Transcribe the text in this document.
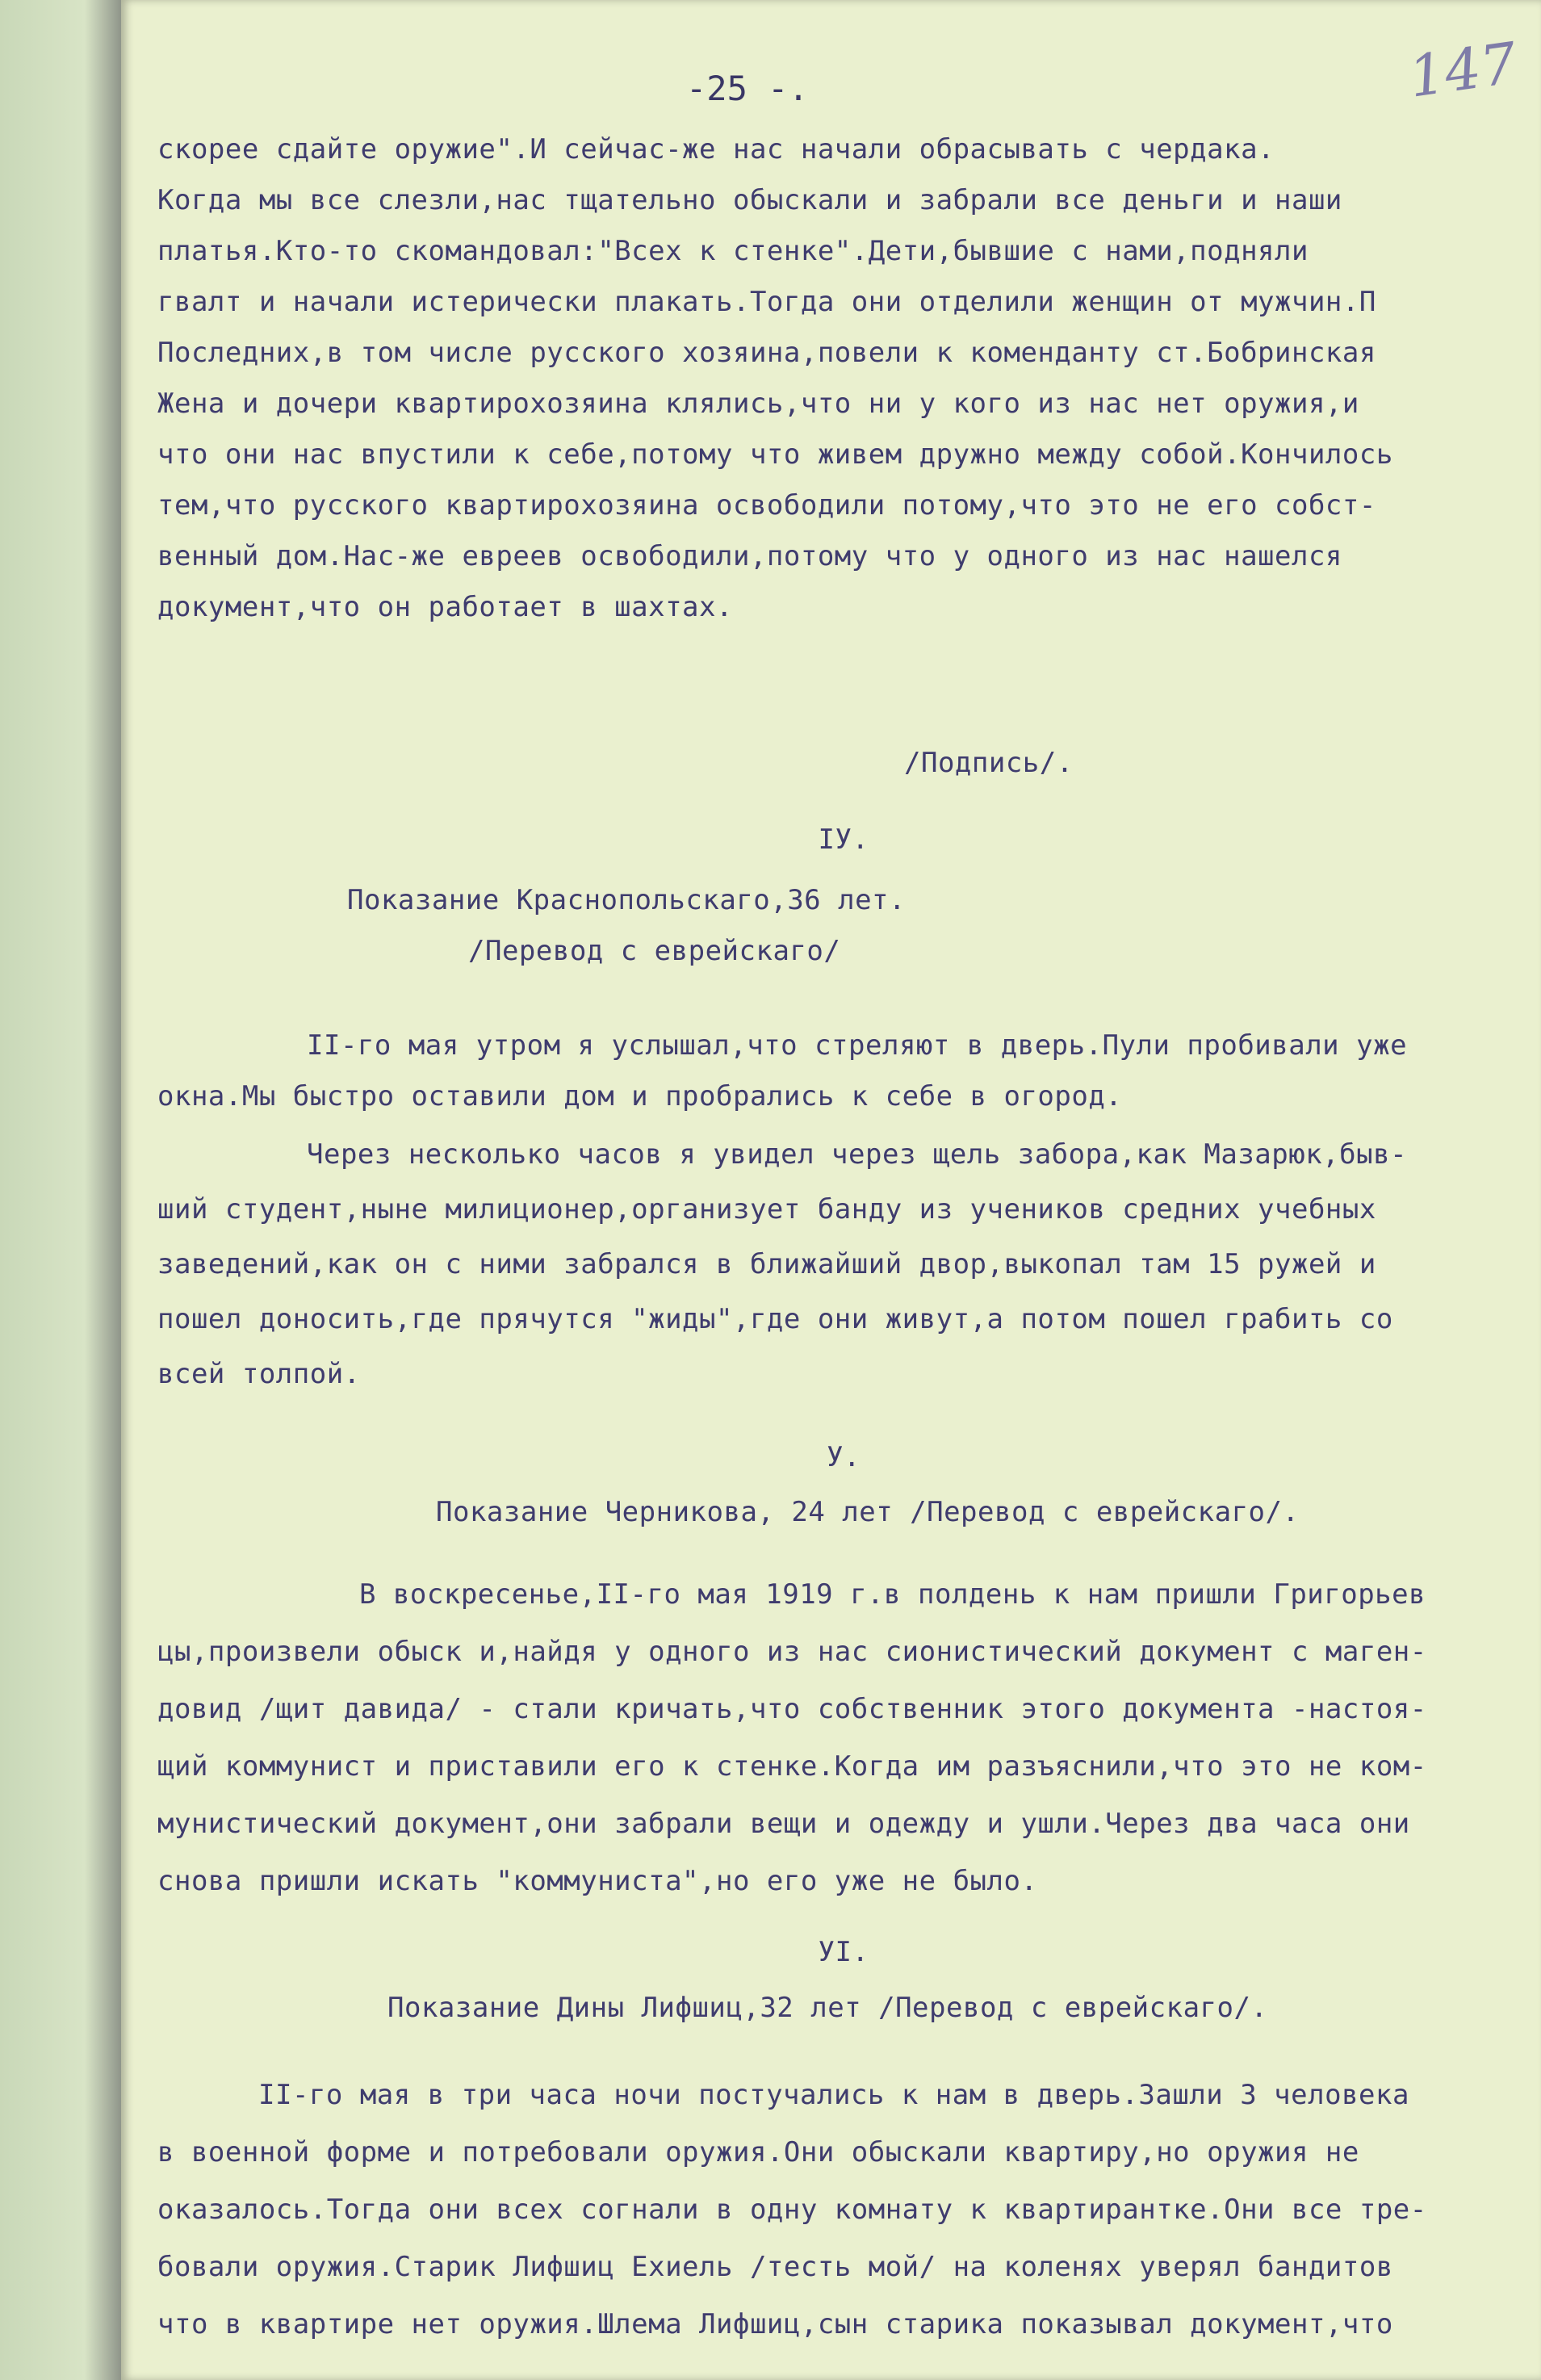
-25 -.	147
скорее сдайте оружие".И сейчас-же нас начали обрасывать с чердака.
Когда мы все слезли,нас тщательно обыскали и забрали все деньги и наши
платья.Кто-то скомандовал:"Всех к стенке".Дети,бывшие с нами,подняли
гвалт и начали истерически плакать.Тогда они отделили женщин от мужчин.П
Последних,в том числе русского хозяина,повели к коменданту ст.Бобринская
Жена и дочери квартирохозяина клялись,что ни у кого из нас нет оружия,и
что они нас впустили к себе,потому что живем дружно между собой.Кончилось
тем,что русского квартирохозяина освободили потому,что это не его собст-
венный дом.Нас-же евреев освободили,потому что у одного из нас нашелся
документ,что он работает в шахтах.
/Подпись/.
IУ.
Показание Краснопольскаго,36 лет.
/Перевод с еврейскаго/
II-го мая утром я услышал,что стреляют в дверь.Пули пробивали уже
окна.Мы быстро оставили дом и пробрались к себе в огород.
Через несколько часов я увидел через щель забора,как Мазарюк,быв-
ший студент,ныне милиционер,организует банду из учеников средних учебных
заведений,как он с ними забрался в ближайший двор,выкопал там 15 ружей и
пошел доносить,где прячутся "жиды",где они живут,а потом пошел грабить со
всей толпой.
У.
Показание Черникова, 24 лет /Перевод с еврейскаго/.
В воскресенье,II-го мая 1919 г.в полдень к нам пришли Григорьев
цы,произвели обыск и,найдя у одного из нас сионистический документ с маген-
довид /щит давида/ - стали кричать,что собственник этого документа -настоя-
щий коммунист и приставили его к стенке.Когда им разъяснили,что это не ком-
мунистический документ,они забрали вещи и одежду и ушли.Через два часа они
снова пришли искать "коммуниста",но его уже не было.
УI.
Показание Дины Лифшиц,32 лет /Перевод с еврейскаго/.
II-го мая в три часа ночи постучались к нам в дверь.Зашли 3 человека
в военной форме и потребовали оружия.Они обыскали квартиру,но оружия не
оказалось.Тогда они всех согнали в одну комнату к квартирантке.Они все тре-
бовали оружия.Старик Лифшиц Ехиель /тесть мой/ на коленях уверял бандитов
что в квартире нет оружия.Шлема Лифшиц,сын старика показывал документ,что
